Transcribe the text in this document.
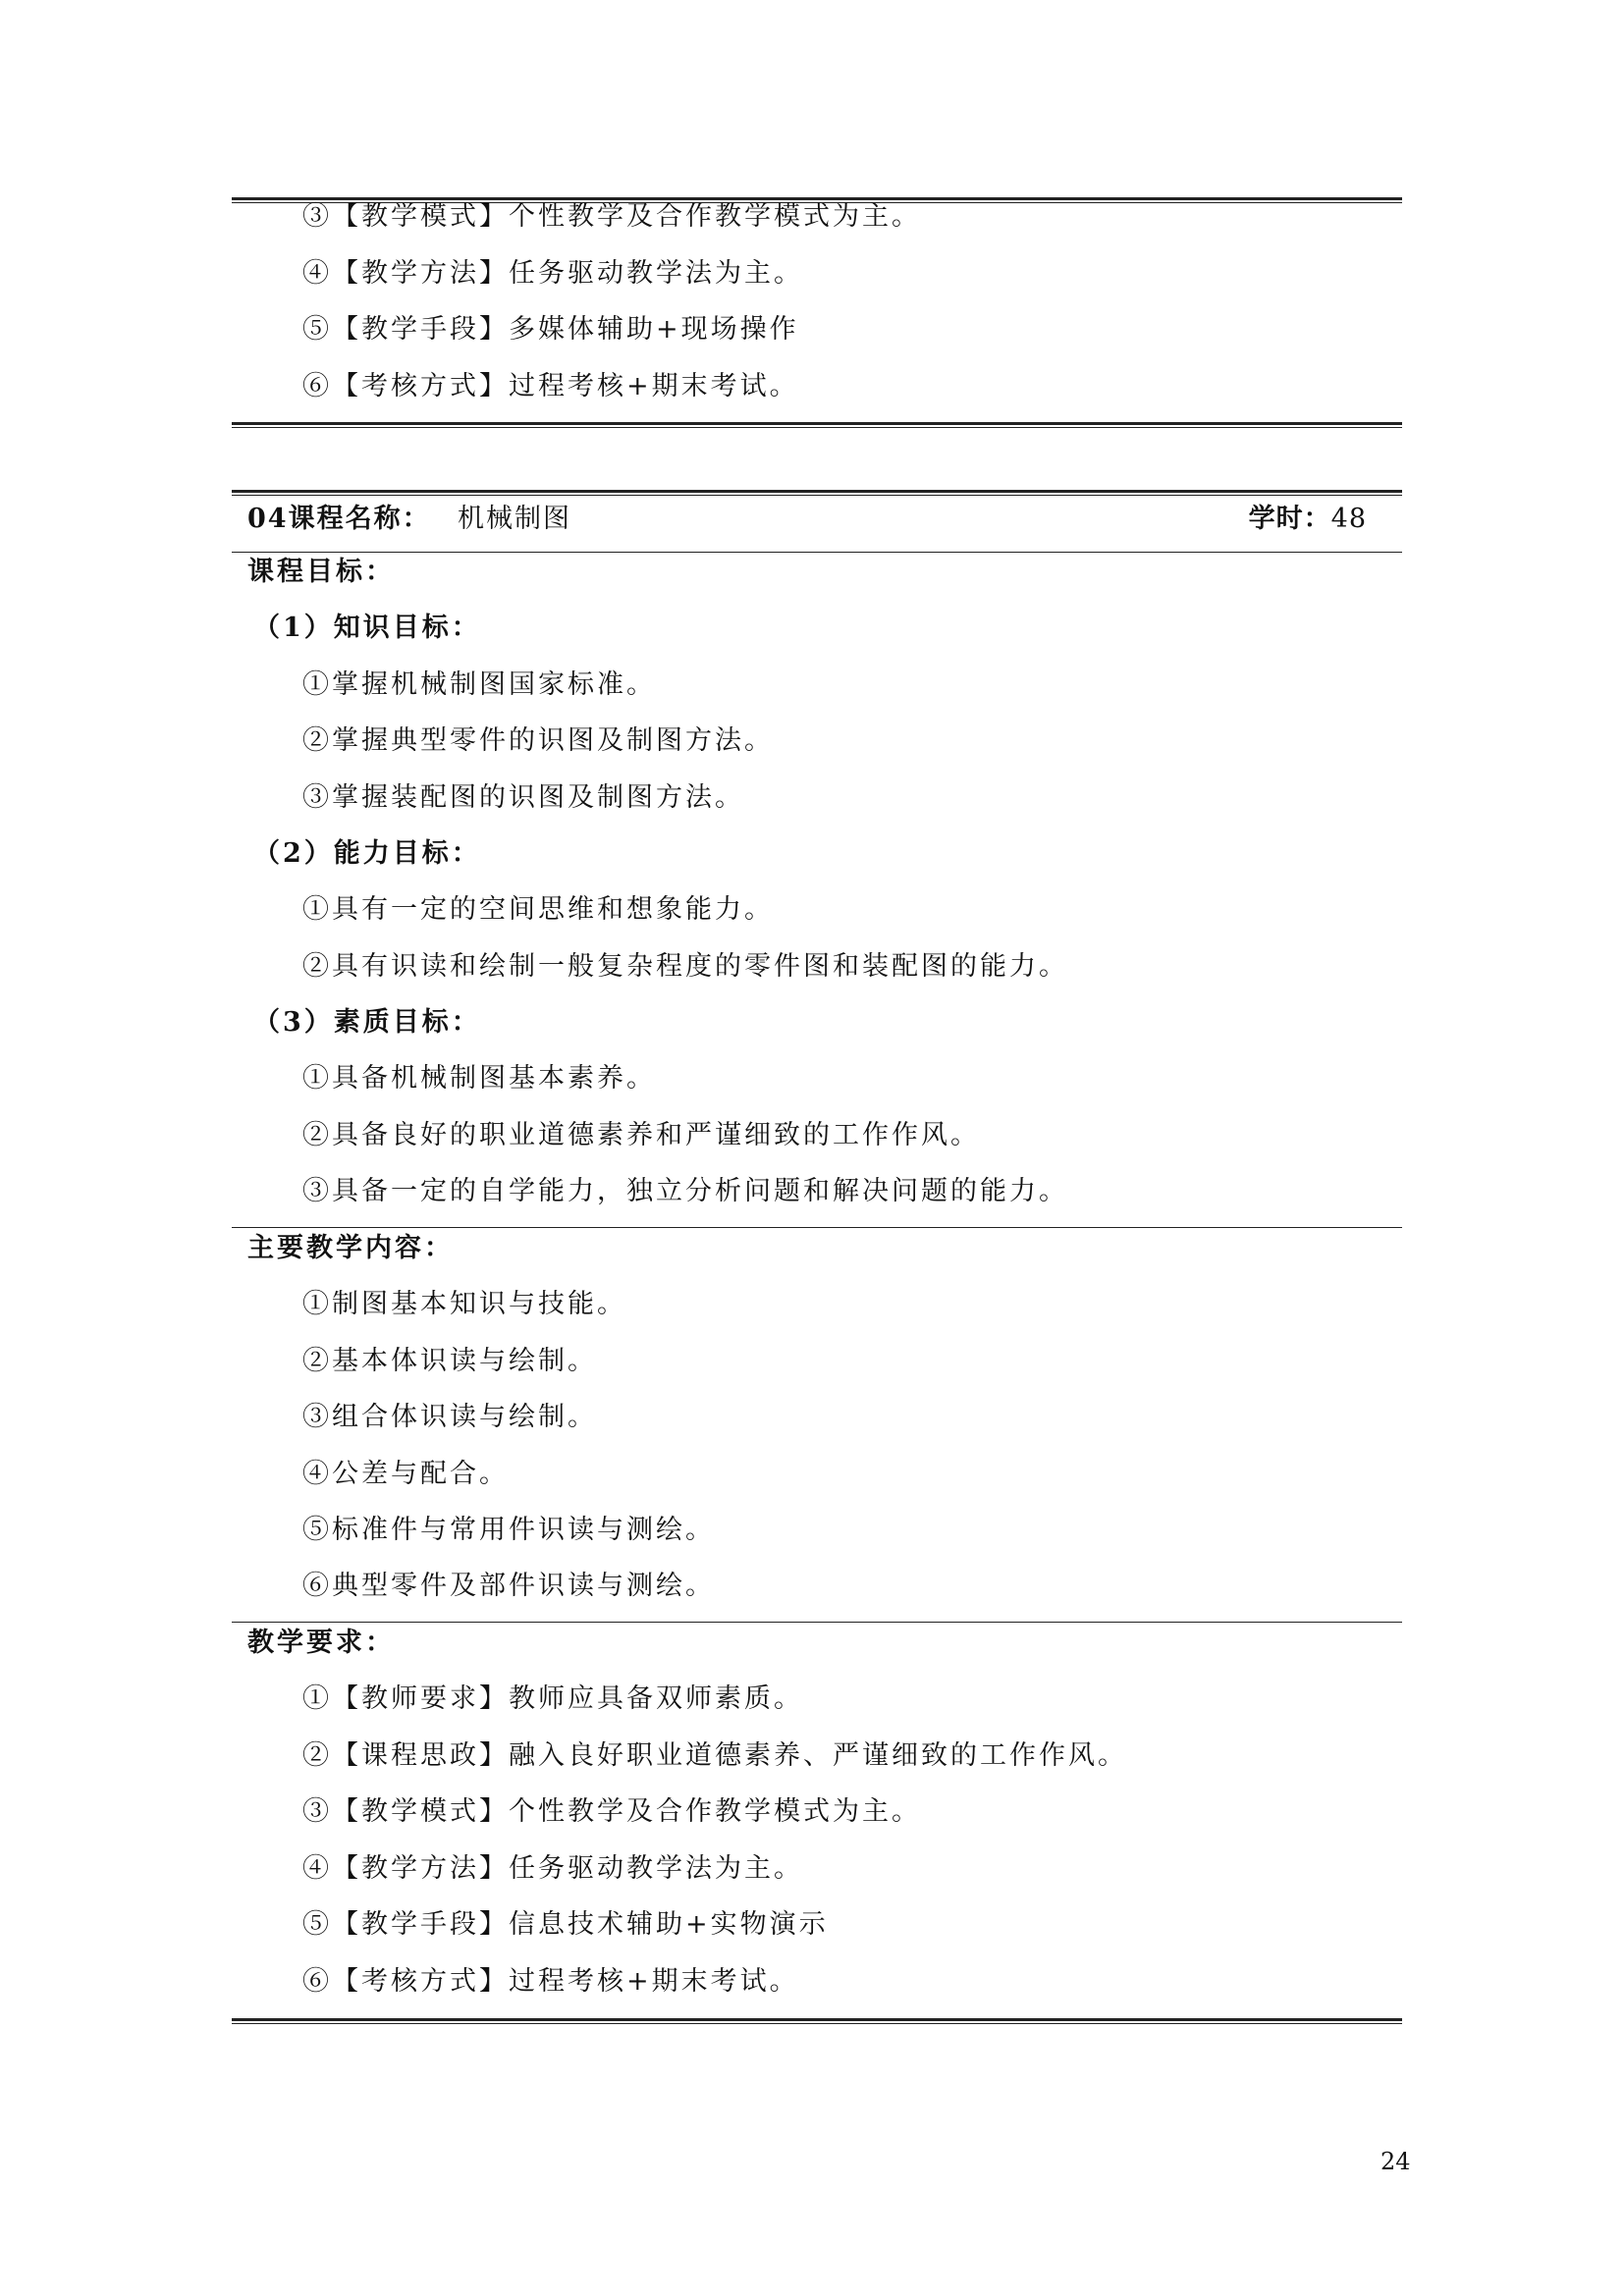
③【教学模式】个性教学及合作教学模式为主。
④【教学方法】任务驱动教学法为主。
⑤【教学手段】多媒体辅助+现场操作
⑥【考核方式】过程考核+期末考试。
04课程名称： 机械制图	学时：48
课程目标：
（1）知识目标：
①掌握机械制图国家标准。
②掌握典型零件的识图及制图方法。
③掌握装配图的识图及制图方法。
（2）能力目标：
①具有一定的空间思维和想象能力。
②具有识读和绘制一般复杂程度的零件图和装配图的能力。
（3）素质目标：
①具备机械制图基本素养。
②具备良好的职业道德素养和严谨细致的工作作风。
③具备一定的自学能力，独立分析问题和解决问题的能力。
主要教学内容：
①制图基本知识与技能。
②基本体识读与绘制。
③组合体识读与绘制。
④公差与配合。
⑤标准件与常用件识读与测绘。
⑥典型零件及部件识读与测绘。
教学要求：
①【教师要求】教师应具备双师素质。
②【课程思政】融入良好职业道德素养、严谨细致的工作作风。
③【教学模式】个性教学及合作教学模式为主。
④【教学方法】任务驱动教学法为主。
⑤【教学手段】信息技术辅助+实物演示
⑥【考核方式】过程考核+期末考试。
24
